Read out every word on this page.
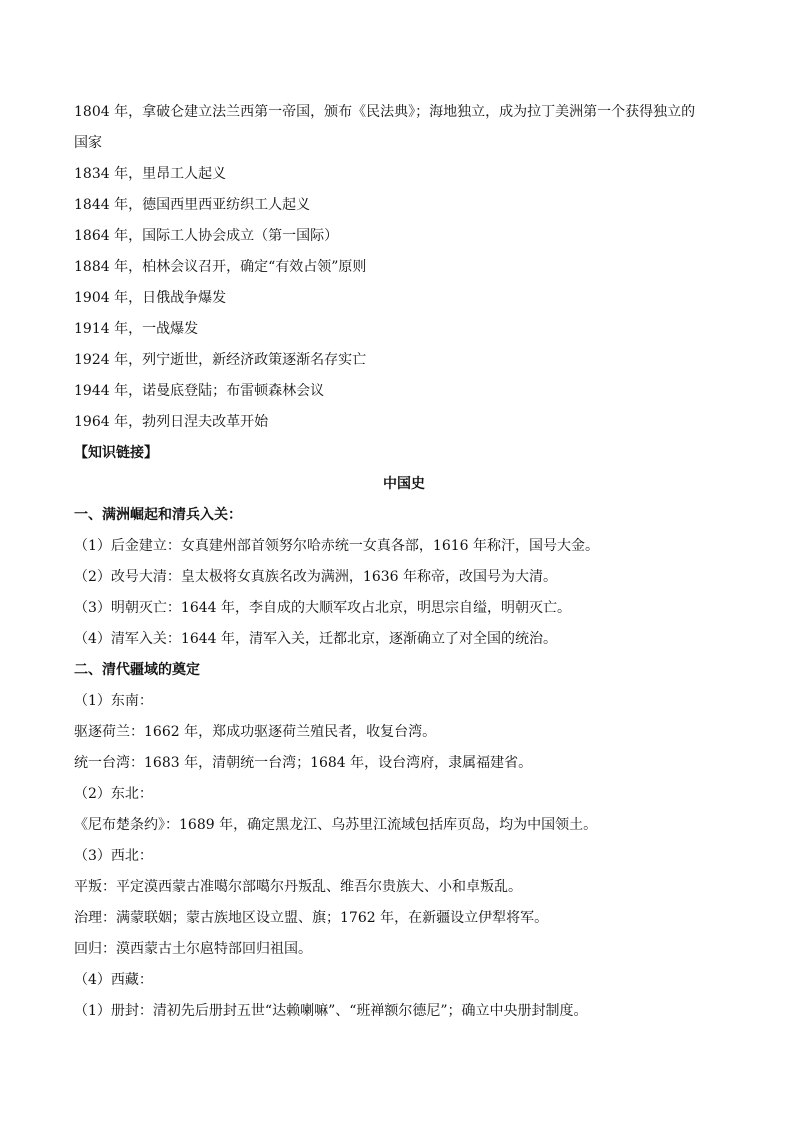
1804 年，拿破仑建立法兰西第一帝国，颁布《民法典》；海地独立，成为拉丁美洲第一个获得独立的
国家
1834 年，里昂工人起义
1844 年，德国西里西亚纺织工人起义
1864 年，国际工人协会成立（第一国际）
1884 年，柏林会议召开，确定“有效占领”原则
1904 年，日俄战争爆发
1914 年，一战爆发
1924 年，列宁逝世，新经济政策逐渐名存实亡
1944 年，诺曼底登陆；布雷顿森林会议
1964 年，勃列日涅夫改革开始
【知识链接】
中国史
一、满洲崛起和清兵入关：
（1）后金建立：女真建州部首领努尔哈赤统一女真各部，1616 年称汗，国号大金。
（2）改号大清：皇太极将女真族名改为满洲，1636 年称帝，改国号为大清。
（3）明朝灭亡：1644 年，李自成的大顺军攻占北京，明思宗自缢，明朝灭亡。
（4）清军入关：1644 年，清军入关，迁都北京，逐渐确立了对全国的统治。
二、清代疆域的奠定
（1）东南：
驱逐荷兰：1662 年，郑成功驱逐荷兰殖民者，收复台湾。
统一台湾：1683 年，清朝统一台湾；1684 年，设台湾府，隶属福建省。
（2）东北：
《尼布楚条约》：1689 年，确定黑龙江、乌苏里江流域包括库页岛，均为中国领土。
（3）西北：
平叛：平定漠西蒙古准噶尔部噶尔丹叛乱、维吾尔贵族大、小和卓叛乱。
治理：满蒙联姻；蒙古族地区设立盟、旗；1762 年，在新疆设立伊犁将军。
回归：漠西蒙古土尔扈特部回归祖国。
（4）西藏：
（1）册封：清初先后册封五世“达赖喇嘛”、“班禅额尔德尼”；确立中央册封制度。
